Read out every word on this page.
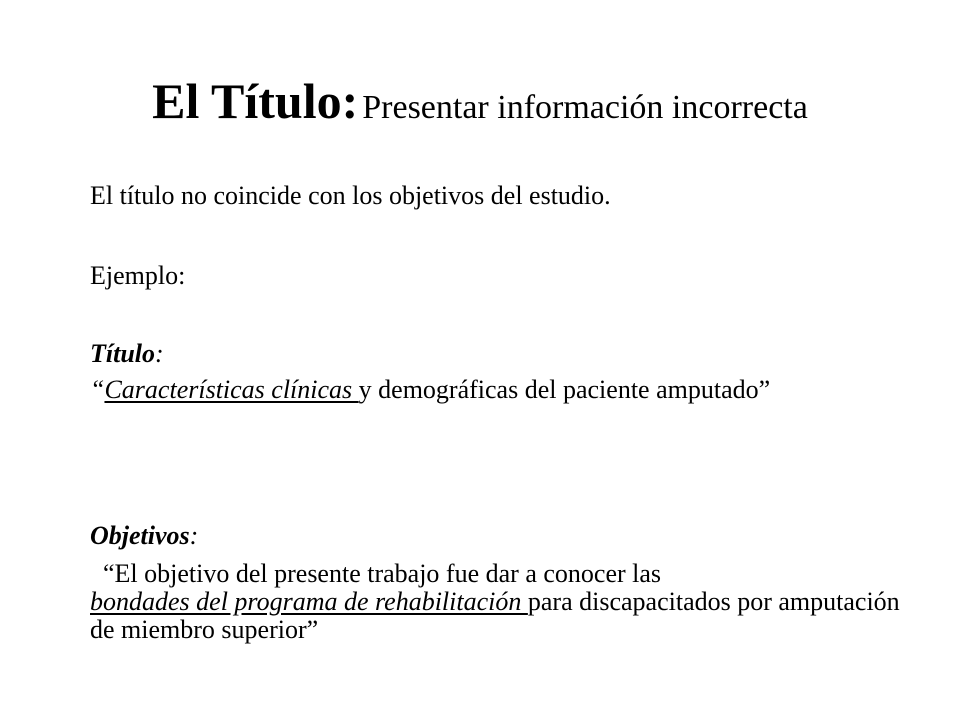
El Título: Presentar información incorrecta

El título no coincide con los objetivos del estudio.

Ejemplo:

Título:

“Características clínicas y demográficas del paciente amputado”

Objetivos:

“El objetivo del presente trabajo fue dar a conocer las
bondades del programa de rehabilitación para discapacitados por amputación de miembro superior”
